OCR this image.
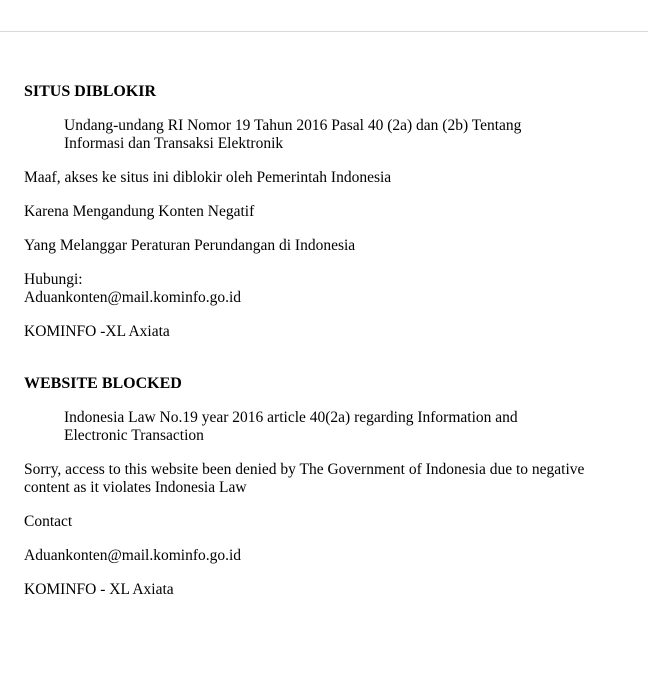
SITUS DIBLOKIR
Undang-undang RI Nomor 19 Tahun 2016 Pasal 40 (2a) dan (2b) Tentang
Informasi dan Transaksi Elektronik

Maaf, akses ke situs ini diblokir oleh Pemerintah Indonesia

Karena Mengandung Konten Negatif

Yang Melanggar Peraturan Perundangan di Indonesia

Hubungi:
Aduankonten@mail.kominfo.go.id

KOMINFO -XL Axiata

WEBSITE BLOCKED
Indonesia Law No.19 year 2016 article 40(2a) regarding Information and
Electronic Transaction
Sorry, access to this website been denied by The Government of Indonesia due to negative
content as it violates Indonesia Law

Contact

Aduankonten@mail.kominfo.go.id

KOMINFO - XL Axiata
